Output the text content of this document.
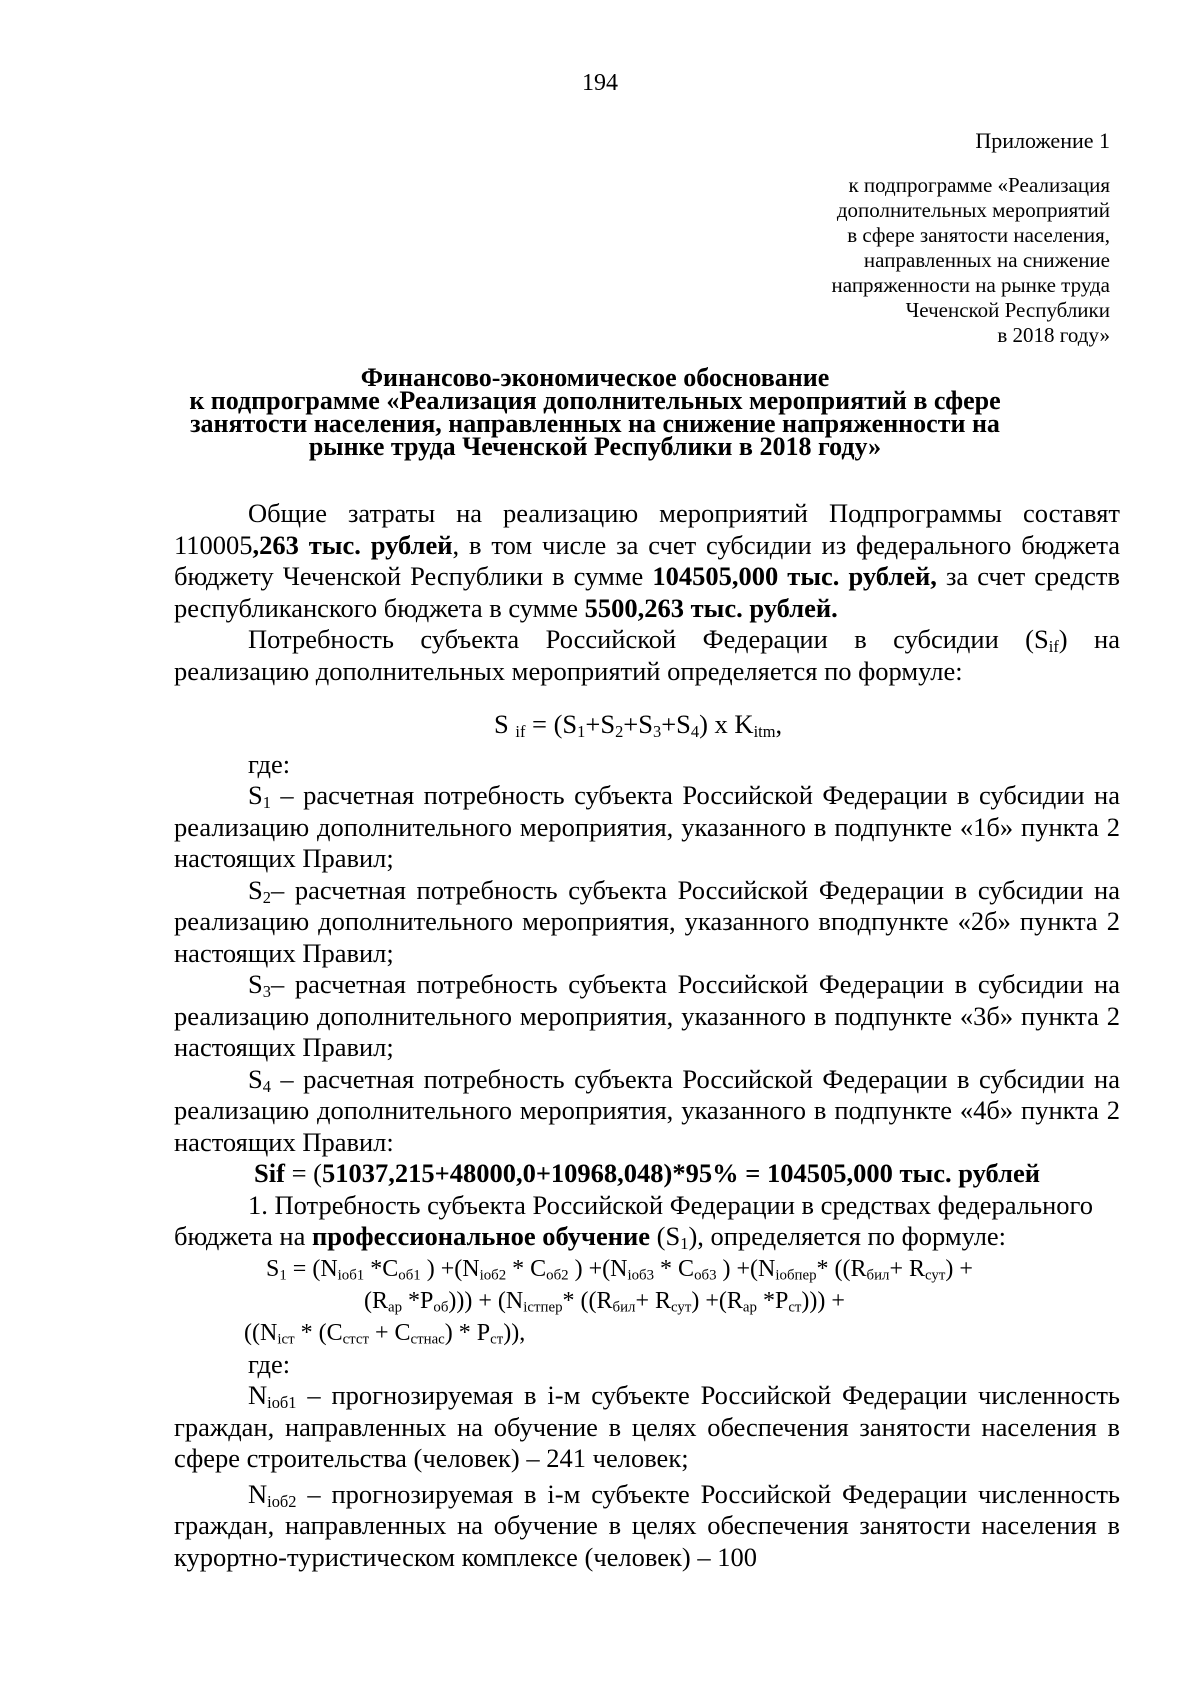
194
Приложение 1
к подпрограмме «Реализация
дополнительных мероприятий
в сфере занятости населения,
направленных на снижение
напряженности на рынке труда
Чеченской Республики
в 2018 году»
Финансово-экономическое обоснование
к подпрограмме «Реализация дополнительных мероприятий в сфере
занятости населения, направленных на снижение напряженности на
рынке труда Чеченской Республики в 2018 году»

Общие затраты на реализацию мероприятий Подпрограммы составят 110005,263 тыс. рублей, в том числе за счет субсидии из федерального бюджета бюджету Чеченской Республики в сумме 104505,000 тыс. рублей, за счет средств республиканского бюджета в сумме 5500,263 тыс. рублей.

Потребность субъекта Российской Федерации в субсидии $(S_{if})$ на реализацию дополнительных мероприятий определяется по формуле:

S $_{if} = (S_1+S_2+S_3+S_4)$ x $K_{itm}$,

где:

$S_1$ – расчетная потребность субъекта Российской Федерации в субсидии на реализацию дополнительного мероприятия, указанного в подпункте «1б» пункта 2 настоящих Правил;

$S_2-$ расчетная потребность субъекта Российской Федерации в субсидии на реализацию дополнительного мероприятия, указанного вподпункте «2б» пункта 2 настоящих Правил;

$S_3-$ расчетная потребность субъекта Российской Федерации в субсидии на реализацию дополнительного мероприятия, указанного в подпункте «3б» пункта 2 настоящих Правил;

$S_4$ – расчетная потребность субъекта Российской Федерации в субсидии на реализацию дополнительного мероприятия, указанного в подпункте «4б» пункта 2 настоящих Правил:

Sif = (51037,215+48000,0+10968,048)*95% = 104505,000 тыс. рублей

1. Потребность субъекта Российской Федерации в средствах федерального бюджета на профессиональное обучение $(S_1)$, определяется по формуле:

$S_1 = (N_{iоб1}$ $*C_{об1}$ ) $+(N_{iоб2} * C_{об2}$ ) $+(N_{iоб3} * C_{об3}$ ) $+(N_{iобпер}*$ ($(R_{бил}+ R_{сут})$ +
($R_{ар}$ $*P_{об}))) + (N_{iстпер}*$ ($(R_{бил}+ R_{сут}) +(R_{ар}$ $*P_{ст}$))) +
$((N_{iст} * (C_{стст} + C_{стнас}) * P_{ст}))$,

где:

$N_{iоб1}$ – прогнозируемая в i-м субъекте Российской Федерации численность граждан, направленных на обучение в целях обеспечения занятости населения в сфере строительства (человек) – 241 человек;

$N_{iоб2}$ – прогнозируемая в i-м субъекте Российской Федерации численность граждан, направленных на обучение в целях обеспечения занятости населения в курортно-туристическом комплексе (человек) – 100
